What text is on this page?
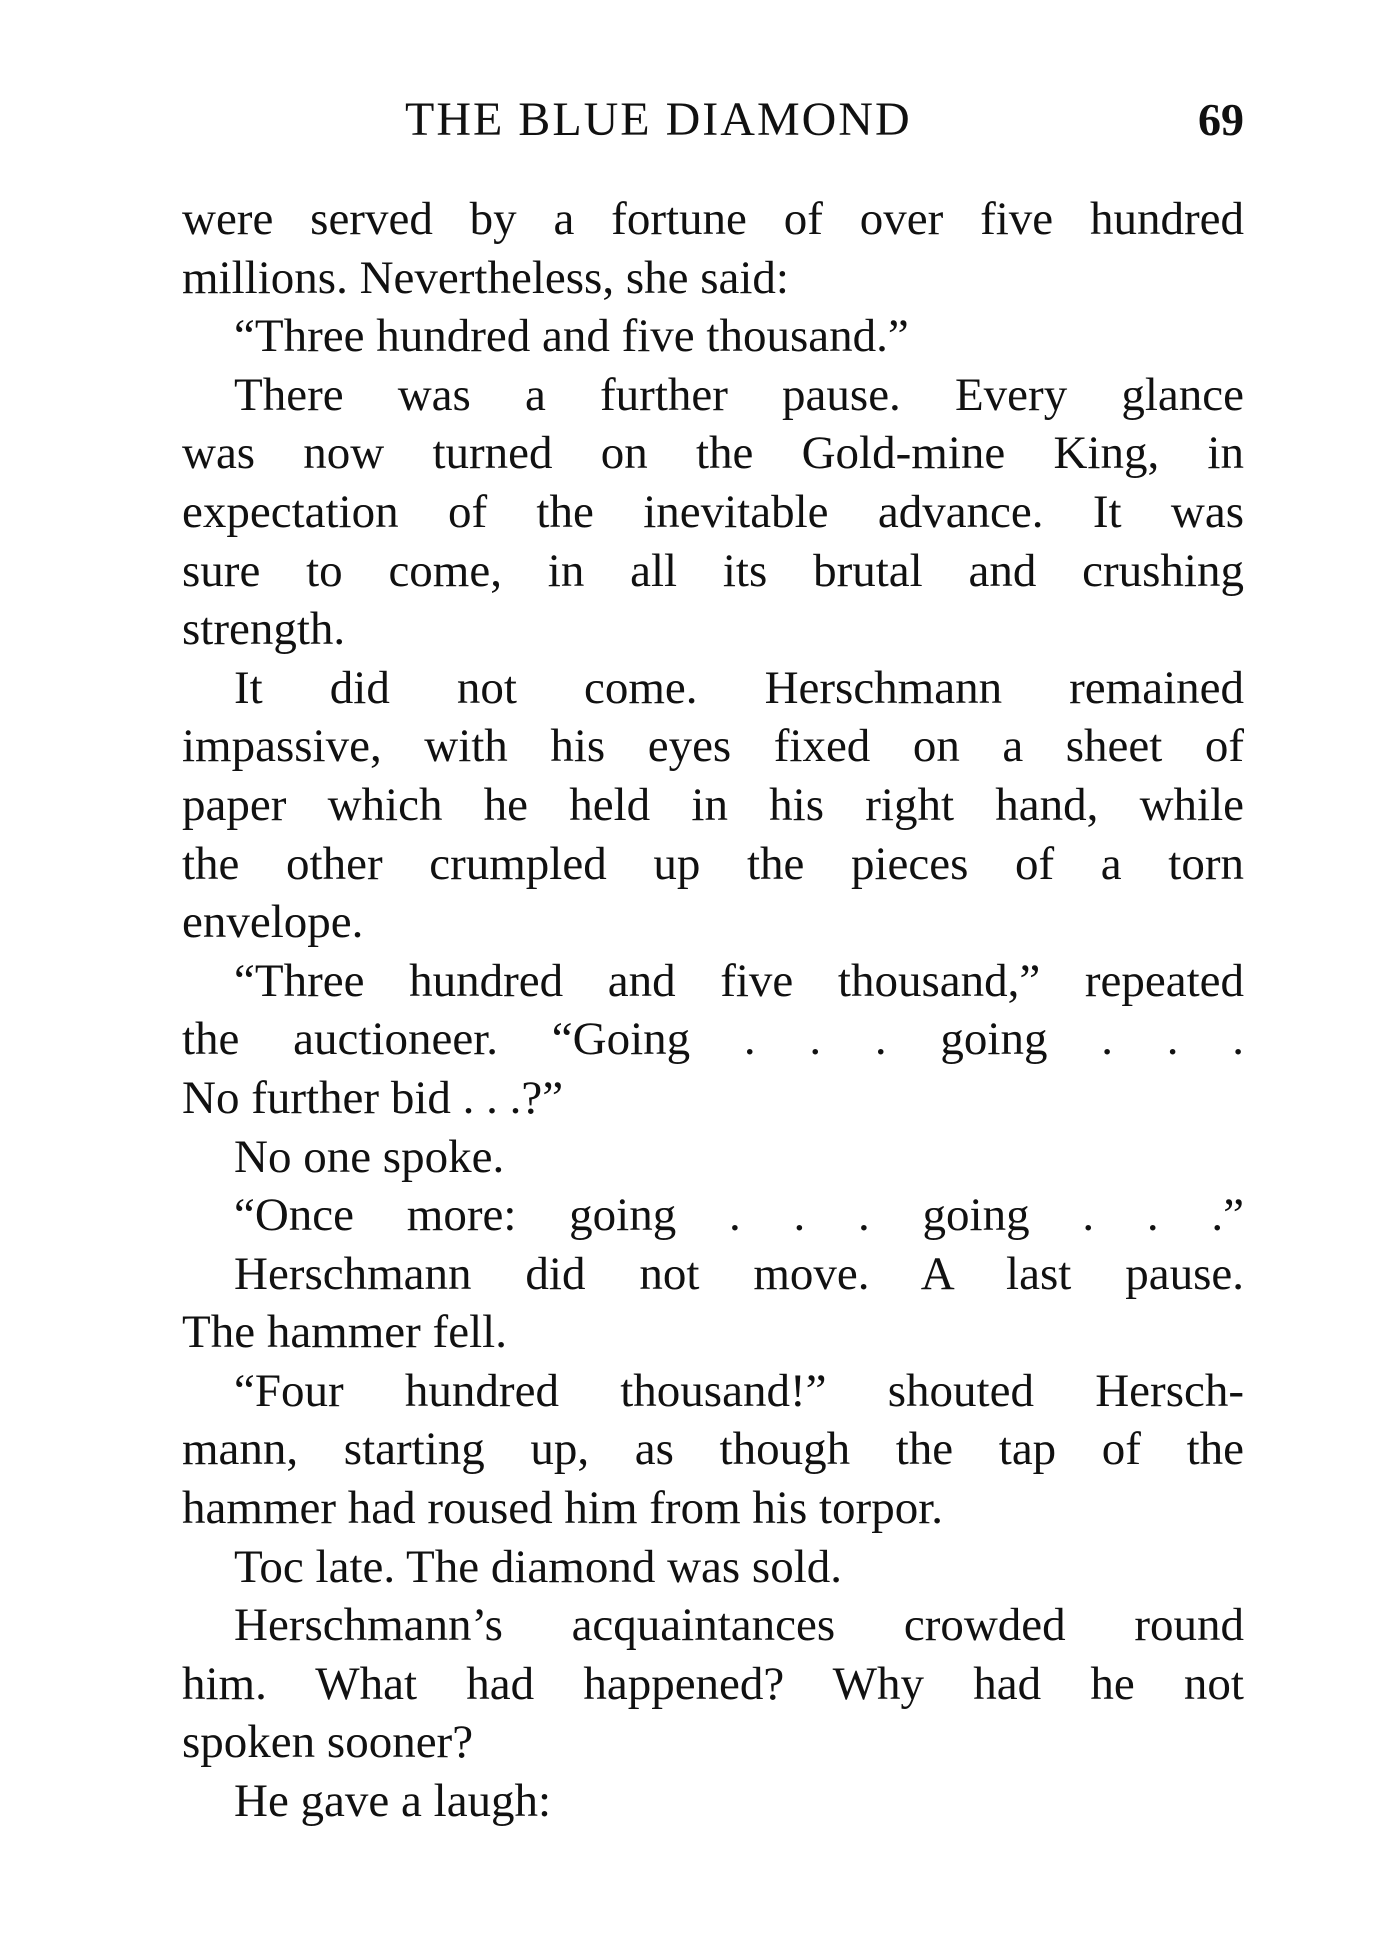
THE BLUE DIAMOND	69
were served by a fortune of over five hundred
millions. Nevertheless, she said:
“Three hundred and five thousand.”
There was a further pause. Every glance
was now turned on the Gold-mine King, in
expectation of the inevitable advance. It was
sure to come, in all its brutal and crushing
strength.
It did not come. Herschmann remained
impassive, with his eyes fixed on a sheet of
paper which he held in his right hand, while
the other crumpled up the pieces of a torn
envelope.
“Three hundred and five thousand,” repeated
the auctioneer. “Going . . . going . . .
No further bid . . .?”
No one spoke.
“Once more: going . . . going . . .”
Herschmann did not move. A last pause.
The hammer fell.
“Four hundred thousand!” shouted Hersch-
mann, starting up, as though the tap of the
hammer had roused him from his torpor.
Toc late. The diamond was sold.
Herschmann’s acquaintances crowded round
him. What had happened? Why had he not
spoken sooner?
He gave a laugh:
